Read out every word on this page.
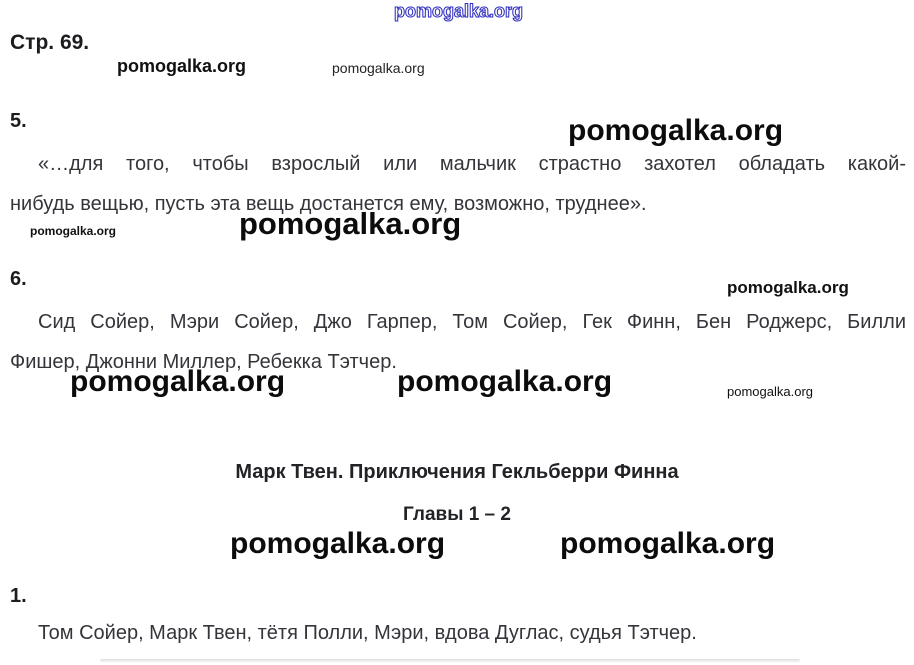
pomogalka.org
pomogalka.org	pomogalka.org
pomogalka.org
pomogalka.org	pomogalka.org
pomogalka.org
pomogalka.org	pomogalka.org	pomogalka.org
pomogalka.org	pomogalka.org
Стр. 69.
5.
«…для того, чтобы взрослый или мальчик страстно захотел обладать какой-
нибудь вещью, пусть эта вещь достанется ему, возможно, труднее».
6.
Сид Сойер, Мэри Сойер, Джо Гарпер, Том Сойер, Гек Финн, Бен Роджерс, Билли
Фишер, Джонни Миллер, Ребекка Тэтчер.
Марк Твен. Приключения Гекльберри Финна
Главы 1 – 2
1.
Том Сойер, Марк Твен, тётя Полли, Мэри, вдова Дуглас, судья Тэтчер.
